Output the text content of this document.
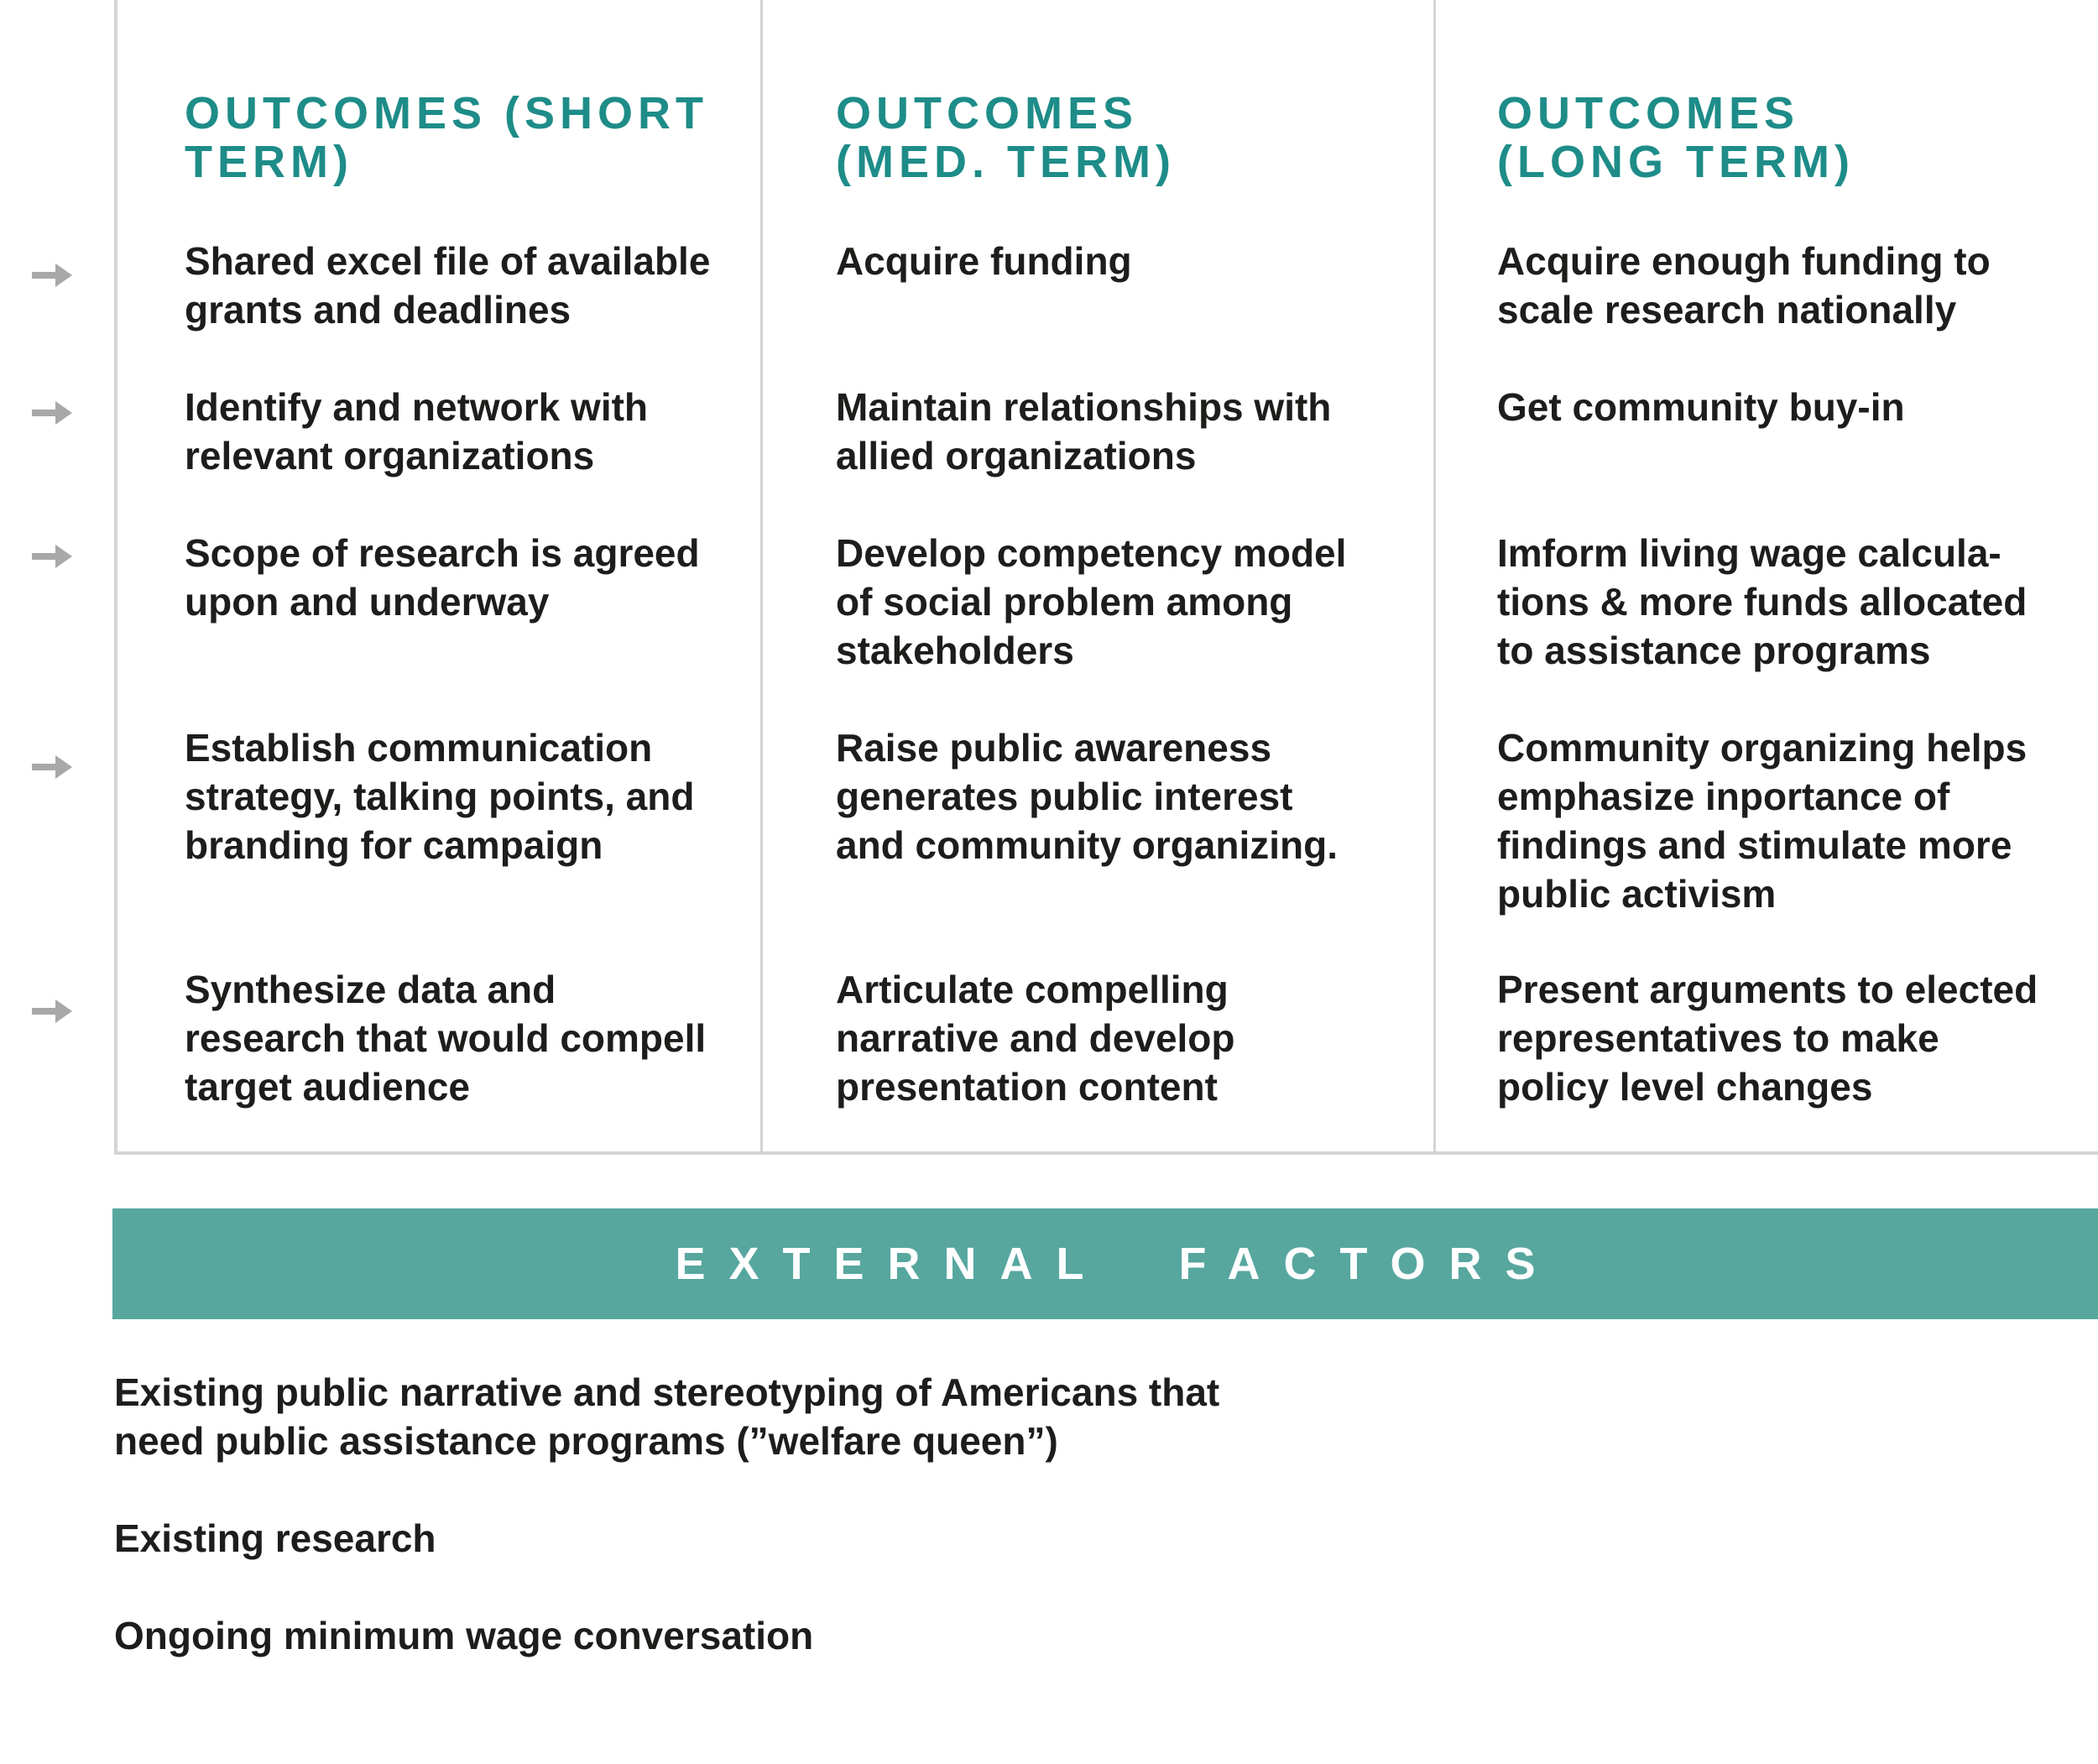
OUTCOMES (SHORT
TERM)
OUTCOMES
(MED. TERM)
OUTCOMES
(LONG TERM)

Shared excel file of available
grants and deadlines

Acquire funding	Acquire enough funding to
scale research nationally

Identify and network with
relevant organizations

Maintain relationships with
allied organizations

Get community buy-in

Scope of research is agreed
upon and underway

Develop competency model
of social problem among
stakeholders

Imform living wage calcula-
tions & more funds allocated
to assistance programs

Establish communication
strategy, talking points, and
branding for campaign

Raise public awareness
generates public interest
and community organizing.

Community organizing helps
emphasize inportance of
findings and stimulate more
public activism

Synthesize data and
research that would compell
target audience

Articulate compelling
narrative and develop
presentation content

Present arguments to elected
representatives to make
policy level changes

EXTERNAL  FACTORS

Existing public narrative and stereotyping of Americans that
need public assistance programs (”welfare queen”)

Existing research

Ongoing minimum wage conversation
